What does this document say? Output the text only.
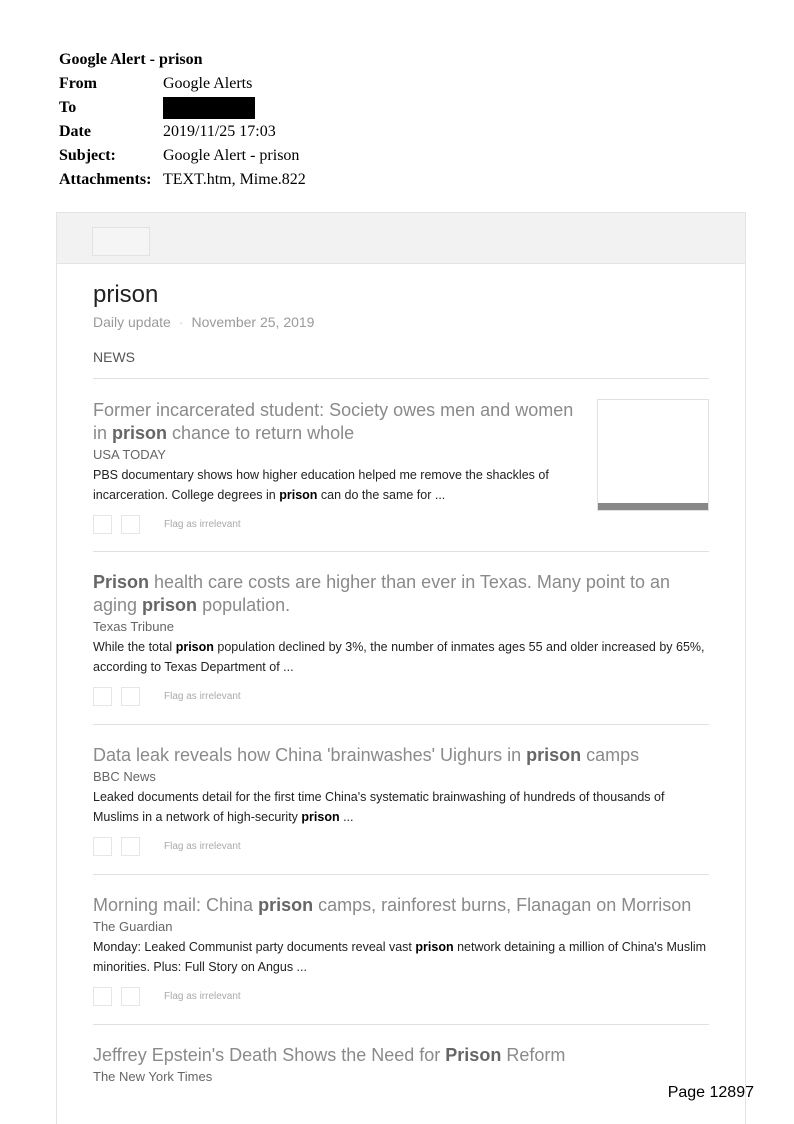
Google Alert - prison
From	Google Alerts
To
Date	2019/11/25 17:03
Subject:	Google Alert - prison
Attachments: TEXT.htm, Mime.822
prison
Daily update · November 25, 2019
NEWS
Former incarcerated student: Society owes men and women in prison chance to return whole
USA TODAY
PBS documentary shows how higher education helped me remove the shackles of incarceration. College degrees in prison can do the same for ...
Flag as irrelevant
Prison health care costs are higher than ever in Texas. Many point to an aging prison population.
Texas Tribune
While the total prison population declined by 3%, the number of inmates ages 55 and older increased by 65%, according to Texas Department of ...
Flag as irrelevant
Data leak reveals how China 'brainwashes' Uighurs in prison camps
BBC News
Leaked documents detail for the first time China's systematic brainwashing of hundreds of thousands of Muslims in a network of high-security prison ...
Flag as irrelevant
Morning mail: China prison camps, rainforest burns, Flanagan on Morrison
The Guardian
Monday: Leaked Communist party documents reveal vast prison network detaining a million of China's Muslim minorities. Plus: Full Story on Angus ...
Flag as irrelevant
Jeffrey Epstein's Death Shows the Need for Prison Reform
The New York Times
Page 12897
